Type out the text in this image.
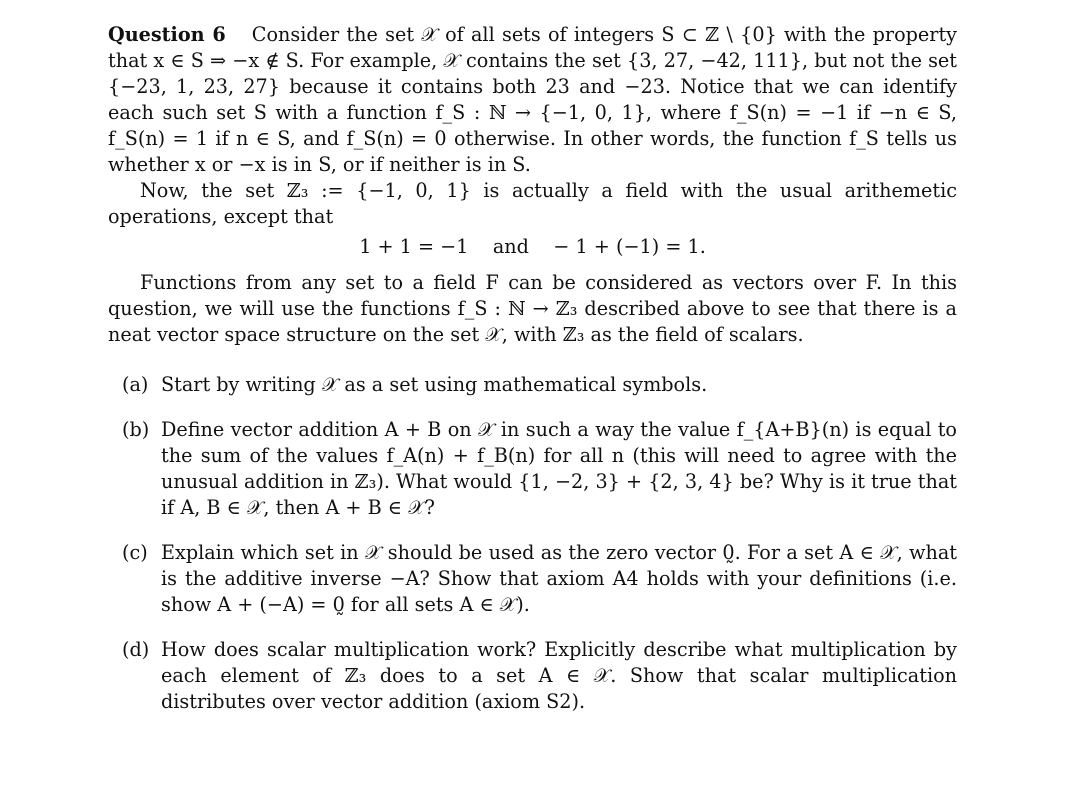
Question 6 Consider the set 𝒳 of all sets of integers S ⊂ ℤ \ {0} with the property that x ∈ S ⇒ −x ∉ S. For example, 𝒳 contains the set {3, 27, −42, 111}, but not the set {−23, 1, 23, 27} because it contains both 23 and −23. Notice that we can identify each such set S with a function f_S : ℕ → {−1, 0, 1}, where f_S(n) = −1 if −n ∈ S, f_S(n) = 1 if n ∈ S, and f_S(n) = 0 otherwise. In other words, the function f_S tells us whether x or −x is in S, or if neither is in S.

Now, the set ℤ₃ := {−1, 0, 1} is actually a field with the usual arithemetic operations, except that

1 + 1 = −1    and    − 1 + (−1) = 1.

Functions from any set to a field F can be considered as vectors over F. In this question, we will use the functions f_S : ℕ → ℤ₃ described above to see that there is a neat vector space structure on the set 𝒳, with ℤ₃ as the field of scalars.

(a) Start by writing 𝒳 as a set using mathematical symbols.
(b) Define vector addition A + B on 𝒳 in such a way the value f_{A+B}(n) is equal to the sum of the values f_A(n) + f_B(n) for all n (this will need to agree with the unusual addition in ℤ₃). What would {1, −2, 3} + {2, 3, 4} be? Why is it true that if A, B ∈ 𝒳, then A + B ∈ 𝒳?
(c) Explain which set in 𝒳 should be used as the zero vector 0̰. For a set A ∈ 𝒳, what is the additive inverse −A? Show that axiom A4 holds with your definitions (i.e. show A + (−A) = 0̰ for all sets A ∈ 𝒳).
(d) How does scalar multiplication work? Explicitly describe what multiplication by each element of ℤ₃ does to a set A ∈ 𝒳. Show that scalar multiplication distributes over vector addition (axiom S2).
